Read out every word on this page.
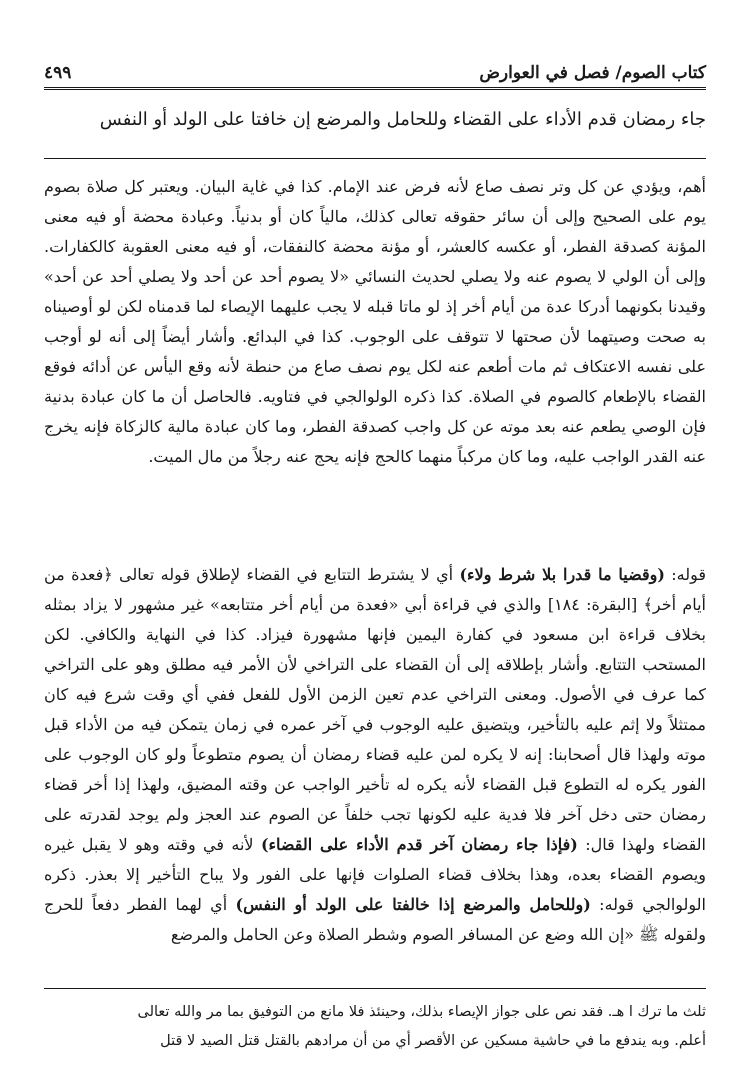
كتاب الصوم/ فصل في العوارض
٤٩٩
جاء رمضان قدم الأداء على القضاء وللحامل والمرضع إن خافتا على الولد أو النفس

أهم، ويؤدي عن كل وتر نصف صاع لأنه فرض عند الإمام. كذا في غاية البيان. ويعتبر كل صلاة بصوم يوم على الصحيح وإلى أن سائر حقوقه تعالى كذلك، مالياً كان أو بدنياً. وعبادة محضة أو فيه معنى المؤنة كصدقة الفطر، أو عكسه كالعشر، أو مؤنة محضة كالنفقات، أو فيه معنى العقوبة كالكفارات. وإلى أن الولي لا يصوم عنه ولا يصلي لحديث النسائي «لا يصوم أحد عن أحد ولا يصلي أحد عن أحد» وقيدنا بكونهما أدركا عدة من أيام أخر إذ لو ماتا قبله لا يجب عليهما الإيصاء لما قدمناه لكن لو أوصيناه به صحت وصيتهما لأن صحتها لا تتوقف على الوجوب. كذا في البدائع. وأشار أيضاً إلى أنه لو أوجب على نفسه الاعتكاف ثم مات أطعم عنه لكل يوم نصف صاع من حنطة لأنه وقع اليأس عن أدائه فوقع القضاء بالإطعام كالصوم في الصلاة. كذا ذكره الولوالجي في فتاويه. فالحاصل أن ما كان عبادة بدنية فإن الوصي يطعم عنه بعد موته عن كل واجب كصدقة الفطر، وما كان عبادة مالية كالزكاة فإنه يخرج عنه القدر الواجب عليه، وما كان مركباً منهما كالحج فإنه يحج عنه رجلاً من مال الميت.

قوله: (وقضيا ما قدرا بلا شرط ولاء) أي لا يشترط التتابع في القضاء لإطلاق قوله تعالى ﴿فعدة من أيام أخر﴾ [البقرة: ١٨٤] والذي في قراءة أبي «فعدة من أيام أخر متتابعه» غير مشهور لا يزاد بمثله بخلاف قراءة ابن مسعود في كفارة اليمين فإنها مشهورة فيزاد. كذا في النهاية والكافي. لكن المستحب التتابع. وأشار بإطلاقه إلى أن القضاء على التراخي لأن الأمر فيه مطلق وهو على التراخي كما عرف في الأصول. ومعنى التراخي عدم تعين الزمن الأول للفعل ففي أي وقت شرع فيه كان ممتثلاً ولا إثم عليه بالتأخير، ويتضيق عليه الوجوب في آخر عمره في زمان يتمكن فيه من الأداء قبل موته ولهذا قال أصحابنا: إنه لا يكره لمن عليه قضاء رمضان أن يصوم متطوعاً ولو كان الوجوب على الفور يكره له التطوع قبل القضاء لأنه يكره له تأخير الواجب عن وقته المضيق، ولهذا إذا أخر قضاء رمضان حتى دخل آخر فلا فدية عليه لكونها تجب خلفاً عن الصوم عند العجز ولم يوجد لقدرته على القضاء ولهذا قال: (فإذا جاء رمضان آخر قدم الأداء على القضاء) لأنه في وقته وهو لا يقبل غيره ويصوم القضاء بعده، وهذا بخلاف قضاء الصلوات فإنها على الفور ولا يباح التأخير إلا بعذر. ذكره الولوالجي قوله: (وللحامل والمرضع إذا خالفتا على الولد أو النفس) أي لهما الفطر دفعاً للحرج ولقوله ﷺ «إن الله وضع عن المسافر الصوم وشطر الصلاة وعن الحامل والمرضع

ثلث ما ترك ا هـ. فقد نص على جواز الإيصاء بذلك، وحينئذ فلا مانع من التوفيق بما مر والله تعالى

أعلم. وبه يندفع ما في حاشية مسكين عن الأقصر أي من أن مرادهم بالقتل قتل الصيد لا قتل
